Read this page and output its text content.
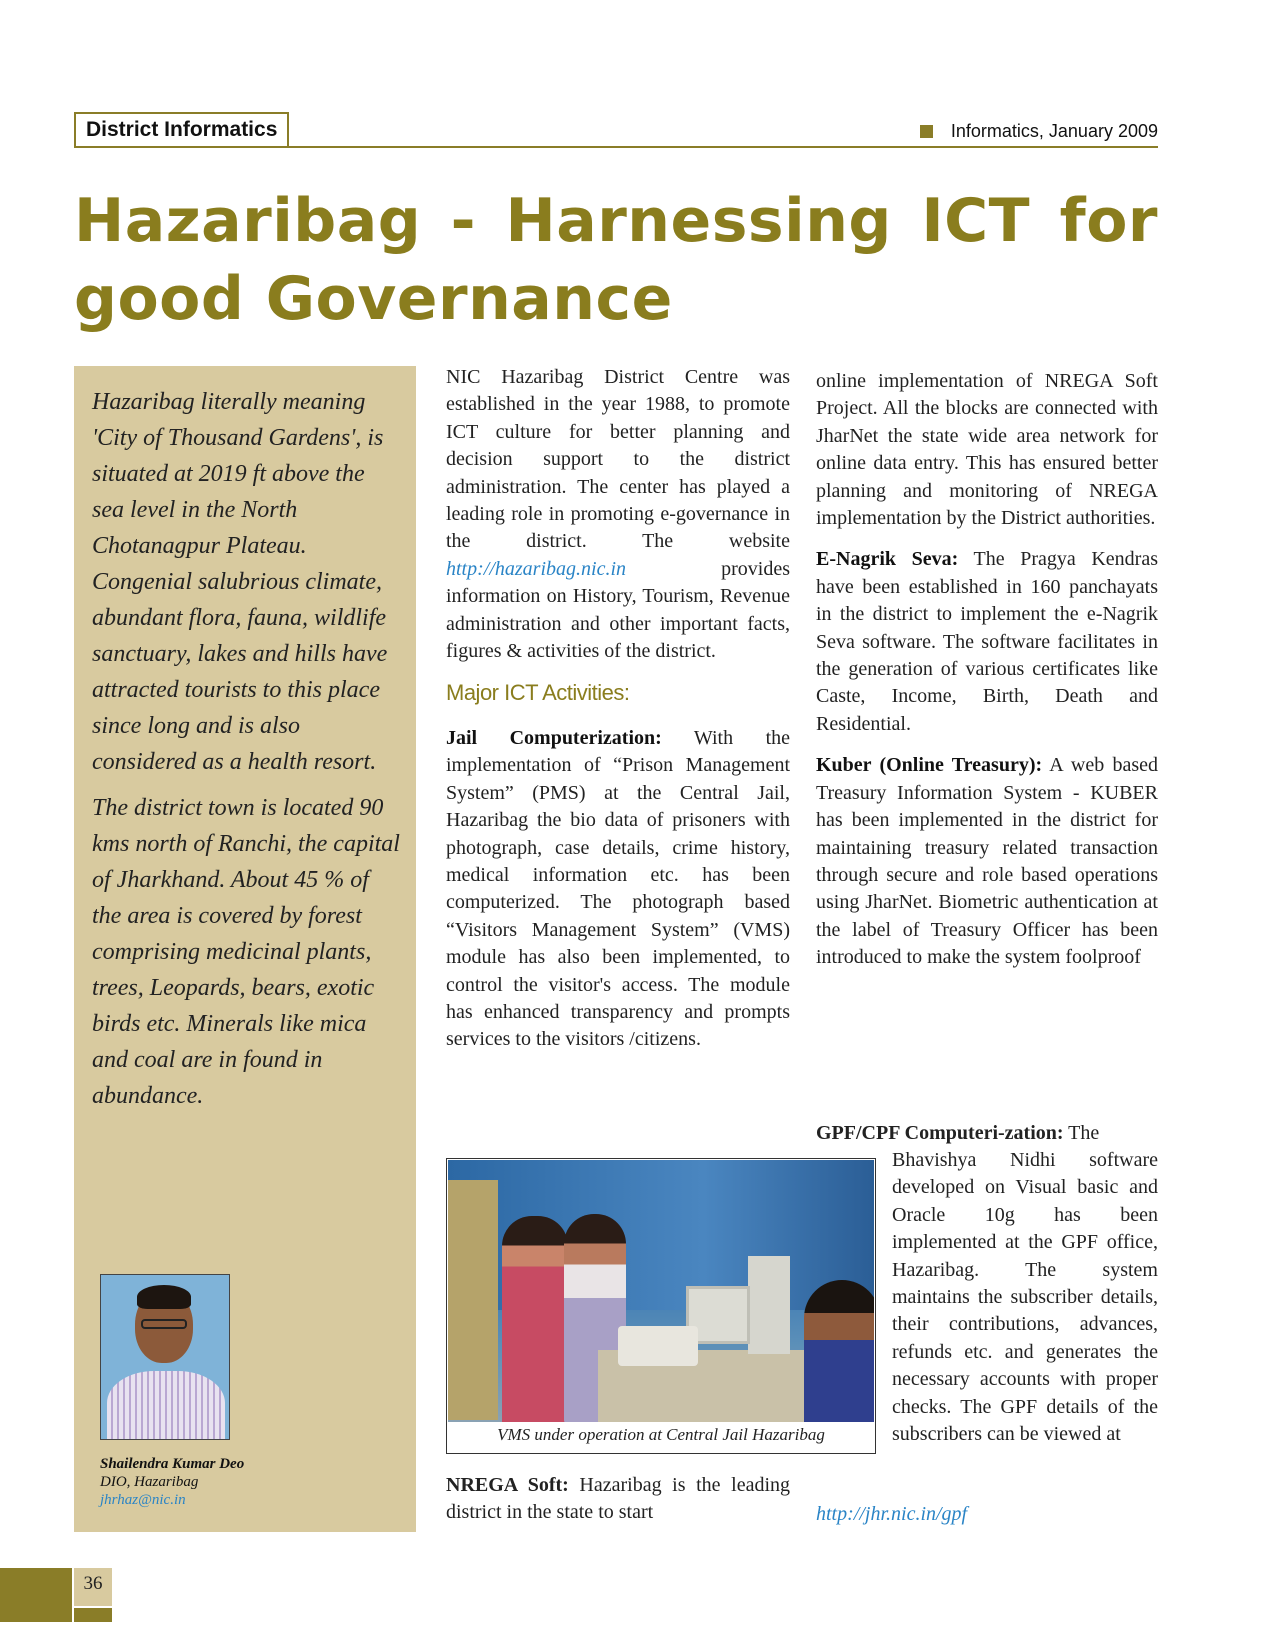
District Informatics	Informatics, January 2009
Hazaribag - Harnessing ICT for good Governance

Hazaribag literally meaning 'City of Thousand Gardens', is situated at 2019 ft above the sea level in the North Chotanagpur Plateau. Congenial salubrious climate, abundant flora, fauna, wildlife sanctuary, lakes and hills have attracted tourists to this place since long and is also considered as a health resort.

The district town is located 90 kms north of Ranchi, the capital of Jharkhand. About 45 % of the area is covered by forest comprising medicinal plants, trees, Leopards, bears, exotic birds etc. Minerals like mica and coal are in found in abundance.

Shailendra Kumar Deo
DIO, Hazaribag
jhrhaz@nic.in

NIC Hazaribag District Centre was established in the year 1988, to promote ICT culture for better planning and decision support to the district administration. The center has played a leading role in promoting e-governance in the district. The website http://hazaribag.nic.in provides information on History, Tourism, Revenue administration and other important facts, figures & activities of the district.

Major ICT Activities:

Jail Computerization: With the implementation of “Prison Management System” (PMS) at the Central Jail, Hazaribag the bio data of prisoners with photograph, case details, crime history, medical information etc. has been computerized. The photograph based “Visitors Management System” (VMS) module has also been implemented, to control the visitor's access. The module has enhanced transparency and prompts services to the visitors /citizens.

VMS under operation at Central Jail Hazaribag
NREGA Soft: Hazaribag is the leading district in the state to start

online implementation of NREGA Soft Project. All the blocks are connected with JharNet the state wide area network for online data entry. This has ensured better planning and monitoring of NREGA implementation by the District authorities.

E-Nagrik Seva: The Pragya Kendras have been established in 160 panchayats in the district to implement the e-Nagrik Seva software. The software facilitates in the generation of various certificates like Caste, Income, Birth, Death and Residential.

Kuber (Online Treasury): A web based Treasury Information System - KUBER has been implemented in the district for maintaining treasury related transaction through secure and role based operations using JharNet. Biometric authentication at the label of Treasury Officer has been introduced to make the system foolproof

GPF/CPF Computeri-zation: The
Bhavishya Nidhi software developed on Visual basic and Oracle 10g has been implemented at the GPF office, Hazaribag. The system maintains the subscriber details, their contributions, advances, refunds etc. and generates the necessary accounts with proper checks. The GPF details of the subscribers can be viewed at
http://jhr.nic.in/gpf
36
